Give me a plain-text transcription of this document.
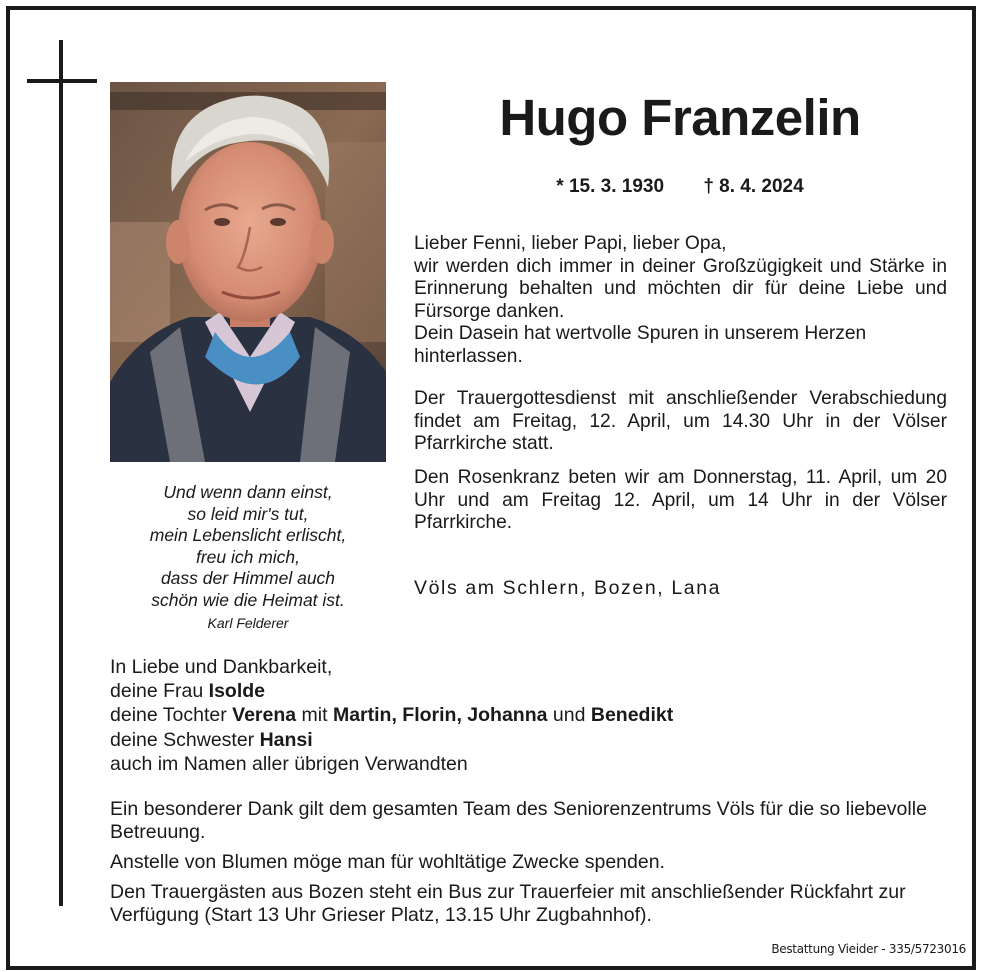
Und wenn dann einst,
so leid mir's tut,
mein Lebenslicht erlischt,
freu ich mich,
dass der Himmel auch
schön wie die Heimat ist.
Karl Felderer
Hugo Franzelin
* 15. 3. 1930 † 8. 4. 2024
Lieber Fenni, lieber Papi, lieber Opa,
wir werden dich immer in deiner Großzügigkeit und Stärke in Erinnerung behalten und möchten dir für deine Liebe und Fürsorge danken.
Dein Dasein hat wertvolle Spuren in unserem Herzen hinterlassen.
Der Trauergottesdienst mit anschließender Verabschiedung findet am Freitag, 12. April, um 14.30 Uhr in der Völser Pfarrkirche statt.
Den Rosenkranz beten wir am Donnerstag, 11. April, um 20 Uhr und am Freitag 12. April, um 14 Uhr in der Völser Pfarrkirche.
Völs am Schlern, Bozen, Lana
In Liebe und Dankbarkeit,
deine Frau Isolde
deine Tochter Verena mit Martin, Florin, Johanna und Benedikt
deine Schwester Hansi
auch im Namen aller übrigen Verwandten
Ein besonderer Dank gilt dem gesamten Team des Seniorenzentrums Völs für die so liebevolle Betreuung.
Anstelle von Blumen möge man für wohltätige Zwecke spenden.
Den Trauergästen aus Bozen steht ein Bus zur Trauerfeier mit anschließender Rückfahrt zur Verfügung (Start 13 Uhr Grieser Platz, 13.15 Uhr Zugbahnhof).
Bestattung Vieider - 335/5723016
